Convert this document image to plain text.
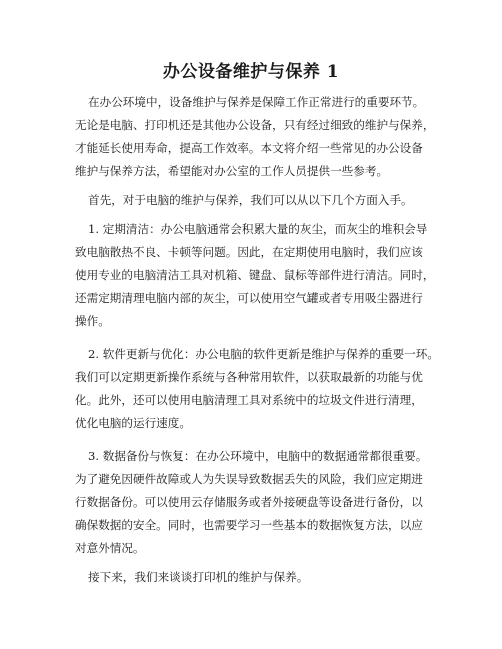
办公设备维护与保养 1
在办公环境中，设备维护与保养是保障工作正常进行的重要环节。
无论是电脑、打印机还是其他办公设备，只有经过细致的维护与保养，
才能延长使用寿命，提高工作效率。本文将介绍一些常见的办公设备
维护与保养方法，希望能对办公室的工作人员提供一些参考。
首先，对于电脑的维护与保养，我们可以从以下几个方面入手。
1. 定期清洁：办公电脑通常会积累大量的灰尘，而灰尘的堆积会导
致电脑散热不良、卡顿等问题。因此，在定期使用电脑时，我们应该
使用专业的电脑清洁工具对机箱、键盘、鼠标等部件进行清洁。同时，
还需定期清理电脑内部的灰尘，可以使用空气罐或者专用吸尘器进行
操作。
2. 软件更新与优化：办公电脑的软件更新是维护与保养的重要一环。
我们可以定期更新操作系统与各种常用软件，以获取最新的功能与优
化。此外，还可以使用电脑清理工具对系统中的垃圾文件进行清理，
优化电脑的运行速度。
3. 数据备份与恢复：在办公环境中，电脑中的数据通常都很重要。
为了避免因硬件故障或人为失误导致数据丢失的风险，我们应定期进
行数据备份。可以使用云存储服务或者外接硬盘等设备进行备份，以
确保数据的安全。同时，也需要学习一些基本的数据恢复方法，以应
对意外情况。
接下来，我们来谈谈打印机的维护与保养。
